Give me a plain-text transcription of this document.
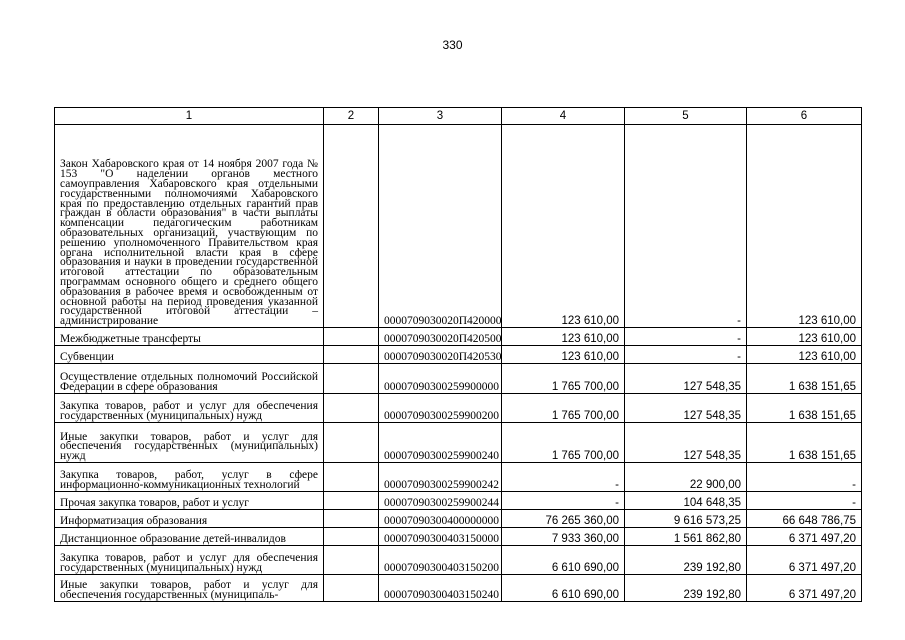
330
1	2	3	4	5	6
Закон Хабаровского края от 14 ноября 2007 года № 153 "О наделении органов местного самоуправления Хабаровского края отдельными государственными полномочиями Хабаровского края по предоставлению отдельных гарантий прав граждан в области образования" в части выплаты компенсации педагогическим работникам образовательных организаций, участвующим по решению уполномоченного Правительством края органа исполнительной власти края в сфере образования и науки в проведении государственной итоговой аттестации по образовательным программам основного общего и среднего общего образования в рабочее время и освобожденным от основной работы на период проведения указанной государственной итоговой аттестации – администрирование		0000709030020П420000	123 610,00	-	123 610,00
Межбюджетные трансферты		0000709030020П420500	123 610,00	-	123 610,00
Субвенции		0000709030020П420530	123 610,00	-	123 610,00
Осуществление отдельных полномочий Российской Федерации в сфере образования		00007090300259900000	1 765 700,00	127 548,35	1 638 151,65
Закупка товаров, работ и услуг для обеспечения государственных (муниципальных) нужд		00007090300259900200	1 765 700,00	127 548,35	1 638 151,65
Иные закупки товаров, работ и услуг для обеспечения государственных (муниципальных) нужд		00007090300259900240	1 765 700,00	127 548,35	1 638 151,65
Закупка товаров, работ, услуг в сфере информационно-коммуникационных технологий		00007090300259900242	-	22 900,00	-
Прочая закупка товаров, работ и услуг		00007090300259900244	-	104 648,35	-
Информатизация образования		00007090300400000000	76 265 360,00	9 616 573,25	66 648 786,75
Дистанционное образование детей-инвалидов		00007090300403150000	7 933 360,00	1 561 862,80	6 371 497,20
Закупка товаров, работ и услуг для обеспечения государственных (муниципальных) нужд		00007090300403150200	6 610 690,00	239 192,80	6 371 497,20
Иные закупки товаров, работ и услуг для обеспечения государственных (муниципаль-		00007090300403150240	6 610 690,00	239 192,80	6 371 497,20
